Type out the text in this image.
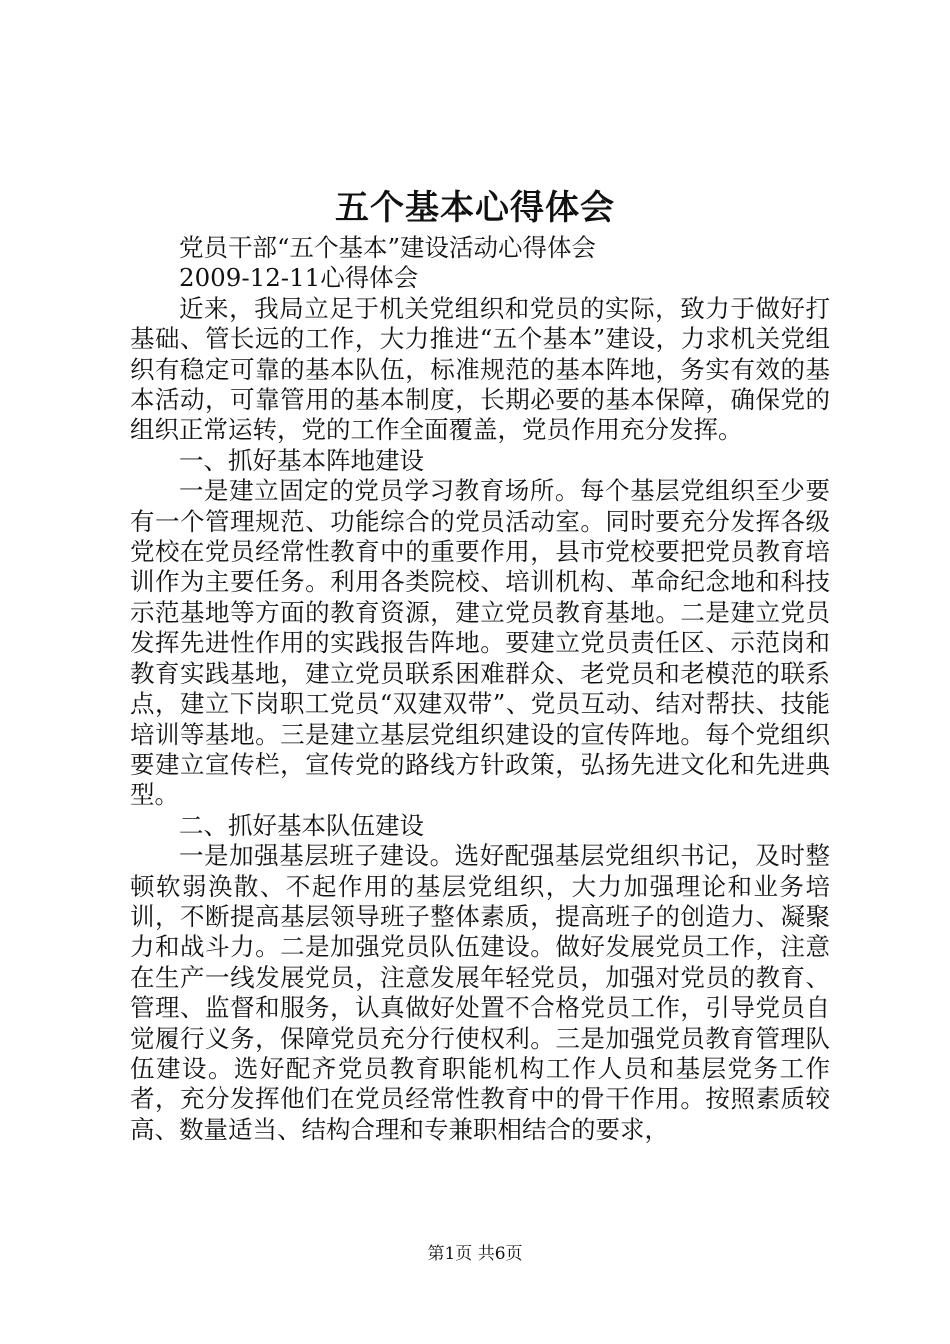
五个基本心得体会

党员干部“五个基本”建设活动心得体会

2009-12-11心得体会

近来，我局立足于机关党组织和党员的实际，致力于做好打基础、管长远的工作，大力推进“五个基本”建设，力求机关党组织有稳定可靠的基本队伍，标准规范的基本阵地，务实有效的基本活动，可靠管用的基本制度，长期必要的基本保障，确保党的组织正常运转，党的工作全面覆盖，党员作用充分发挥。

一、抓好基本阵地建设

一是建立固定的党员学习教育场所。每个基层党组织至少要有一个管理规范、功能综合的党员活动室。同时要充分发挥各级党校在党员经常性教育中的重要作用，县市党校要把党员教育培训作为主要任务。利用各类院校、培训机构、革命纪念地和科技示范基地等方面的教育资源，建立党员教育基地。二是建立党员发挥先进性作用的实践报告阵地。要建立党员责任区、示范岗和教育实践基地，建立党员联系困难群众、老党员和老模范的联系点，建立下岗职工党员“双建双带”、党员互动、结对帮扶、技能培训等基地。三是建立基层党组织建设的宣传阵地。每个党组织要建立宣传栏，宣传党的路线方针政策，弘扬先进文化和先进典型。

二、抓好基本队伍建设

一是加强基层班子建设。选好配强基层党组织书记，及时整顿软弱涣散、不起作用的基层党组织，大力加强理论和业务培训，不断提高基层领导班子整体素质，提高班子的创造力、凝聚力和战斗力。二是加强党员队伍建设。做好发展党员工作，注意在生产一线发展党员，注意发展年轻党员，加强对党员的教育、管理、监督和服务，认真做好处置不合格党员工作，引导党员自觉履行义务，保障党员充分行使权利。三是加强党员教育管理队伍建设。选好配齐党员教育职能机构工作人员和基层党务工作者，充分发挥他们在党员经常性教育中的骨干作用。按照素质较高、数量适当、结构合理和专兼职相结合的要求，

第1页 共6页
